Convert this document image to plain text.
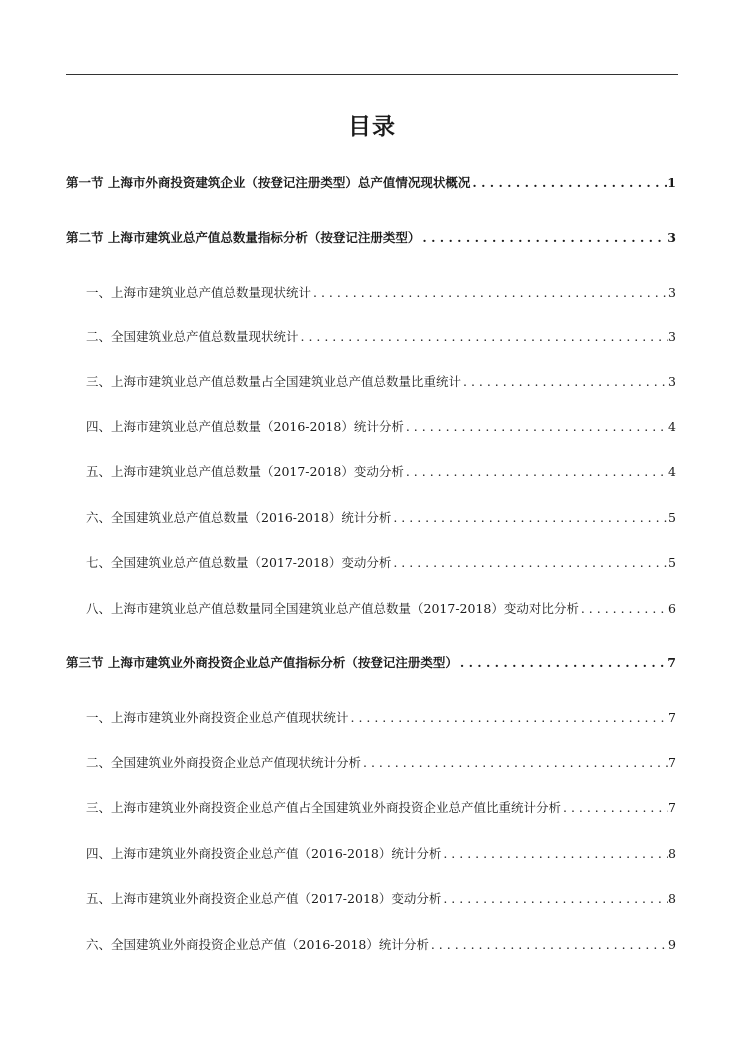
目录
第一节 上海市外商投资建筑企业（按登记注册类型）总产值情况现状概况 . . .	1
第二节 上海市建筑业总产值总数量指标分析（按登记注册类型） . . .	3
一、上海市建筑业总产值总数量现状统计 . . .	3
二、全国建筑业总产值总数量现状统计 . . .	3
三、上海市建筑业总产值总数量占全国建筑业总产值总数量比重统计 . . .	3
四、上海市建筑业总产值总数量（2016-2018）统计分析 . . .	4
五、上海市建筑业总产值总数量（2017-2018）变动分析 . . .	4
六、全国建筑业总产值总数量（2016-2018）统计分析 . . .	5
七、全国建筑业总产值总数量（2017-2018）变动分析 . . .	5
八、上海市建筑业总产值总数量同全国建筑业总产值总数量（2017-2018）变动对比分析 . . .	6
第三节 上海市建筑业外商投资企业总产值指标分析（按登记注册类型） . . .	7
一、上海市建筑业外商投资企业总产值现状统计 . . .	7
二、全国建筑业外商投资企业总产值现状统计分析 . . .	7
三、上海市建筑业外商投资企业总产值占全国建筑业外商投资企业总产值比重统计分析 . . .	7
四、上海市建筑业外商投资企业总产值（2016-2018）统计分析 . . .	8
五、上海市建筑业外商投资企业总产值（2017-2018）变动分析 . . .	8
六、全国建筑业外商投资企业总产值（2016-2018）统计分析 . . .	9
